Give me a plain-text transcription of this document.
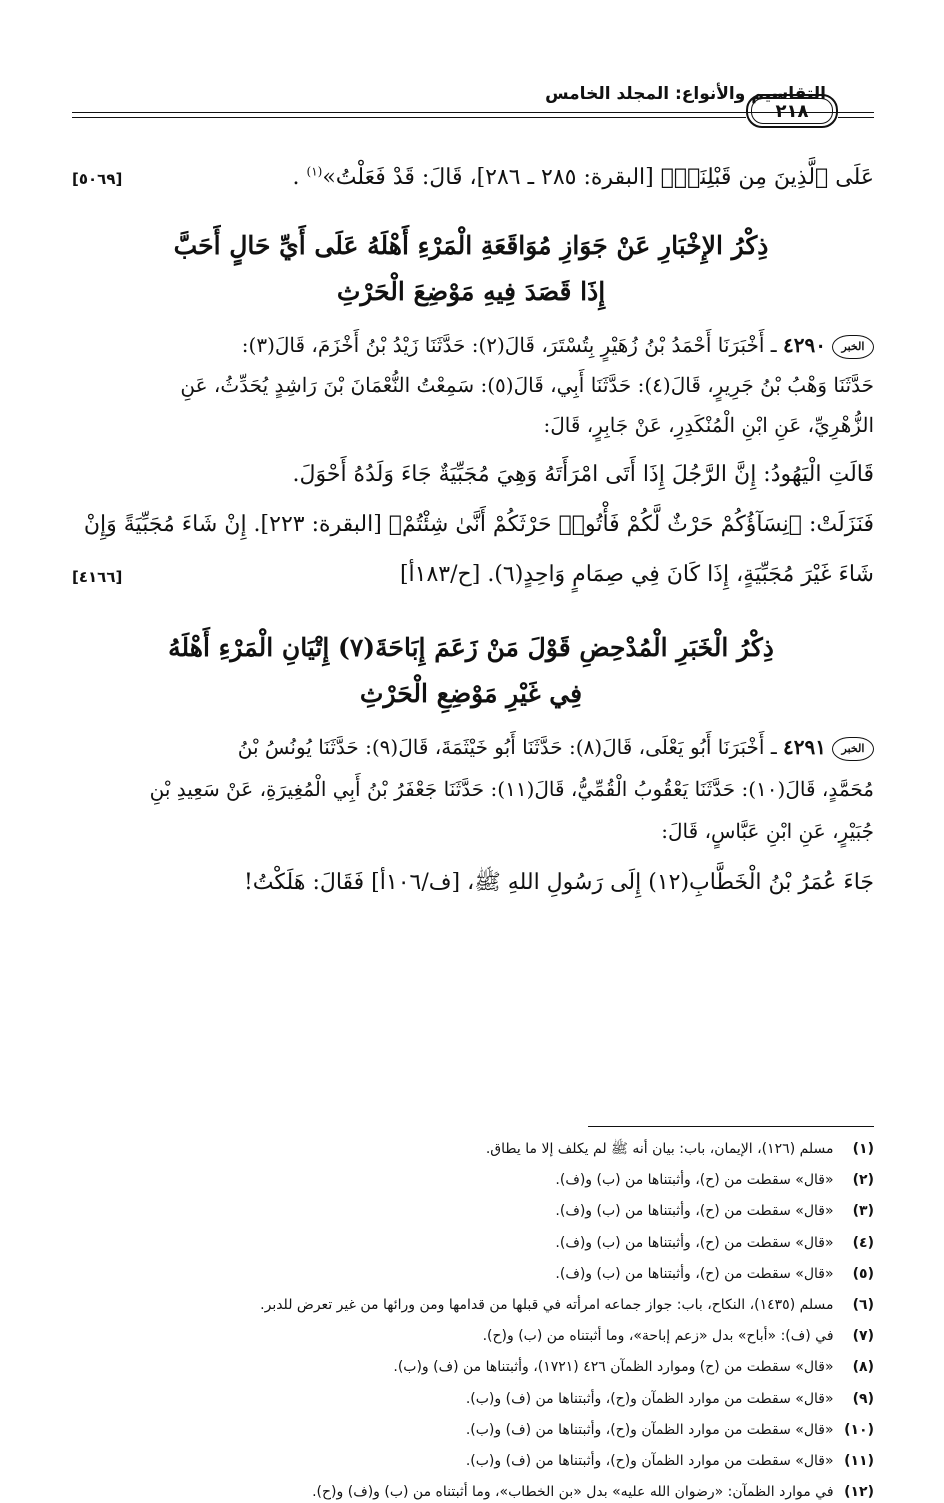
التقاسيم والأنواع: المجلد الخامس
٢١٨
عَلَى ٱلَّذِينَ مِن قَبْلِنَاۚ﴾ [البقرة: ٢٨٥ ـ ٢٨٦]، قَالَ: قَدْ فَعَلْتُ»$^{(١)}$ .
[٥٠٦٩]
ذِكْرُ الإِخْبَارِ عَنْ جَوَازِ مُوَاقَعَةِ الْمَرْءِ أَهْلَهُ عَلَى أَيِّ حَالٍ أَحَبَّ
إِذَا قَصَدَ فِيهِ مَوْضِعَ الْحَرْثِ
الخبر٤٢٩٠ ـ أَخْبَرَنَا أَحْمَدُ بْنُ زُهَيْرٍ بِتُسْتَرَ، قَالَ(٢): حَدَّثَنَا زَيْدُ بْنُ أَخْزَمَ، قَالَ(٣):
حَدَّثَنَا وَهْبُ بْنُ جَرِيرٍ، قَالَ(٤): حَدَّثَنَا أَبِي، قَالَ(٥): سَمِعْتُ النُّعْمَانَ بْنَ رَاشِدٍ يُحَدِّثُ، عَنِ
الزُّهْرِيِّ، عَنِ ابْنِ الْمُنْكَدِرِ، عَنْ جَابِرٍ، قَالَ:
قَالَتِ الْيَهُودُ: إِنَّ الرَّجُلَ إِذَا أَتَى امْرَأَتَهُ وَهِيَ مُجَبِّيَةٌ جَاءَ وَلَدُهُ أَحْوَلَ.
فَنَزَلَتْ: ﴿نِسَآؤُكُمْ حَرْثٌ لَّكُمْ فَأْتُوا۟ حَرْثَكُمْ أَنَّىٰ شِئْتُمْ﴾ [البقرة: ٢٢٣]. إِنْ شَاءَ مُجَبِّيَةً وَإِنْ
شَاءَ غَيْرَ مُجَبِّيَةٍ، إِذَا كَانَ فِي صِمَامٍ وَاحِدٍ(٦). [ح/١٨٣أ]
[٤١٦٦]
ذِكْرُ الْخَبَرِ الْمُدْحِضِ قَوْلَ مَنْ زَعَمَ إِبَاحَةَ(٧) إِتْيَانِ الْمَرْءِ أَهْلَهُ
فِي غَيْرِ مَوْضِعِ الْحَرْثِ
الخبر٤٢٩١ ـ أَخْبَرَنَا أَبُو يَعْلَى، قَالَ(٨): حَدَّثَنَا أَبُو خَيْثَمَةَ، قَالَ(٩): حَدَّثَنَا يُونُسُ بْنُ
مُحَمَّدٍ، قَالَ(١٠): حَدَّثَنَا يَعْقُوبُ الْقُمِّيُّ، قَالَ(١١): حَدَّثَنَا جَعْفَرُ بْنُ أَبِي الْمُغِيرَةِ، عَنْ سَعِيدِ بْنِ
جُبَيْرٍ، عَنِ ابْنِ عَبَّاسٍ، قَالَ:
جَاءَ عُمَرُ بْنُ الْخَطَّابِ(١٢) إِلَى رَسُولِ اللهِ ﷺ، [ف/١٠٦أ] فَقَالَ: هَلَكْتُ!
(١) مسلم (١٢٦)، الإيمان، باب: بيان أنه ﷺ لم يكلف إلا ما يطاق.
(٢) «قال» سقطت من (ح)، وأثبتناها من (ب) و(ف).
(٣) «قال» سقطت من (ح)، وأثبتناها من (ب) و(ف).
(٤) «قال» سقطت من (ح)، وأثبتناها من (ب) و(ف).
(٥) «قال» سقطت من (ح)، وأثبتناها من (ب) و(ف).
(٦) مسلم (١٤٣٥)، النكاح، باب: جواز جماعه امرأته في قبلها من قدامها ومن ورائها من غير تعرض للدبر.
(٧) في (ف): «أباح» بدل «زعم إباحة»، وما أثبتناه من (ب) و(ح).
(٨) «قال» سقطت من (ح) وموارد الظمآن ٤٢٦ (١٧٢١)، وأثبتناها من (ف) و(ب).
(٩) «قال» سقطت من موارد الظمآن و(ح)، وأثبتناها من (ف) و(ب).
(١٠) «قال» سقطت من موارد الظمآن و(ح)، وأثبتناها من (ف) و(ب).
(١١) «قال» سقطت من موارد الظمآن و(ح)، وأثبتناها من (ف) و(ب).
(١٢) في موارد الظمآن: «رضوان الله عليه» بدل «بن الخطاب»، وما أثبتناه من (ب) و(ف) و(ح).
